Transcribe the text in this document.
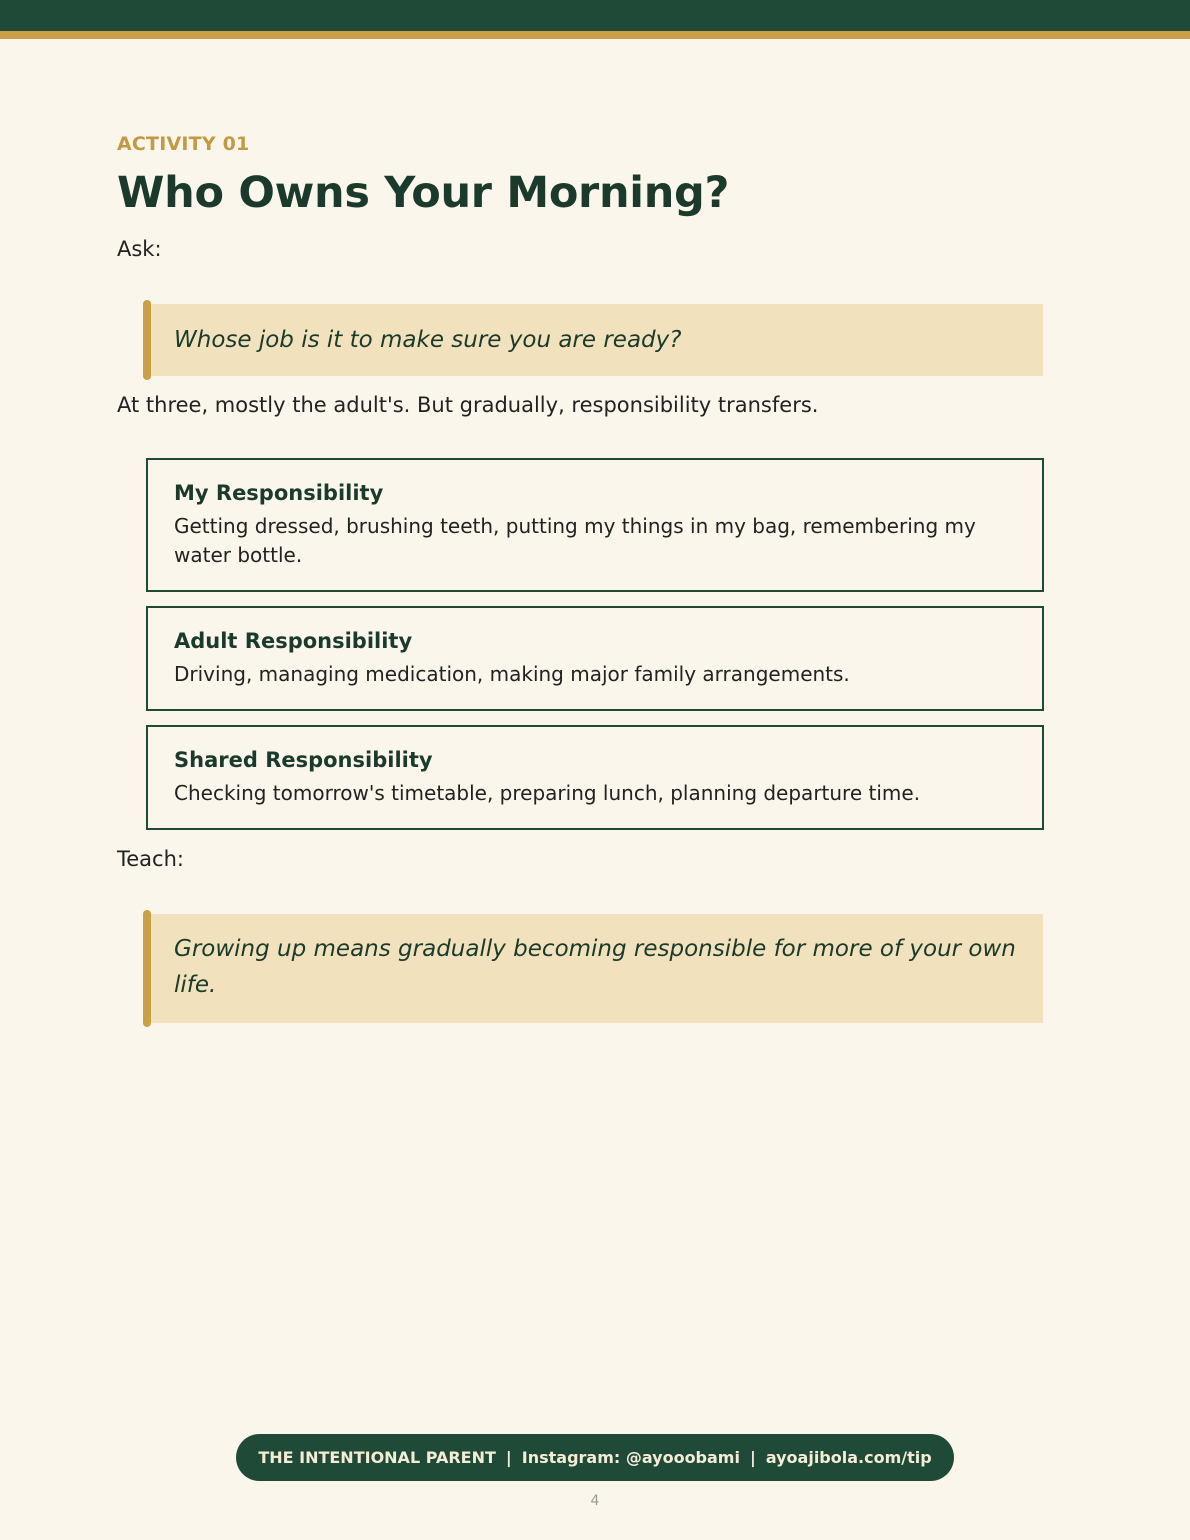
ACTIVITY 01

Who Owns Your Morning?

Ask:

Whose job is it to make sure you are ready?

At three, mostly the adult's. But gradually, responsibility transfers.

My Responsibility

Getting dressed, brushing teeth, putting my things in my bag, remembering my water bottle.

Adult Responsibility

Driving, managing medication, making major family arrangements.

Shared Responsibility

Checking tomorrow's timetable, preparing lunch, planning departure time.

Teach:

Growing up means gradually becoming responsible for more of your own life.
THE INTENTIONAL PARENT | Instagram: @ayooobami | ayoajibola.com/tip
4
